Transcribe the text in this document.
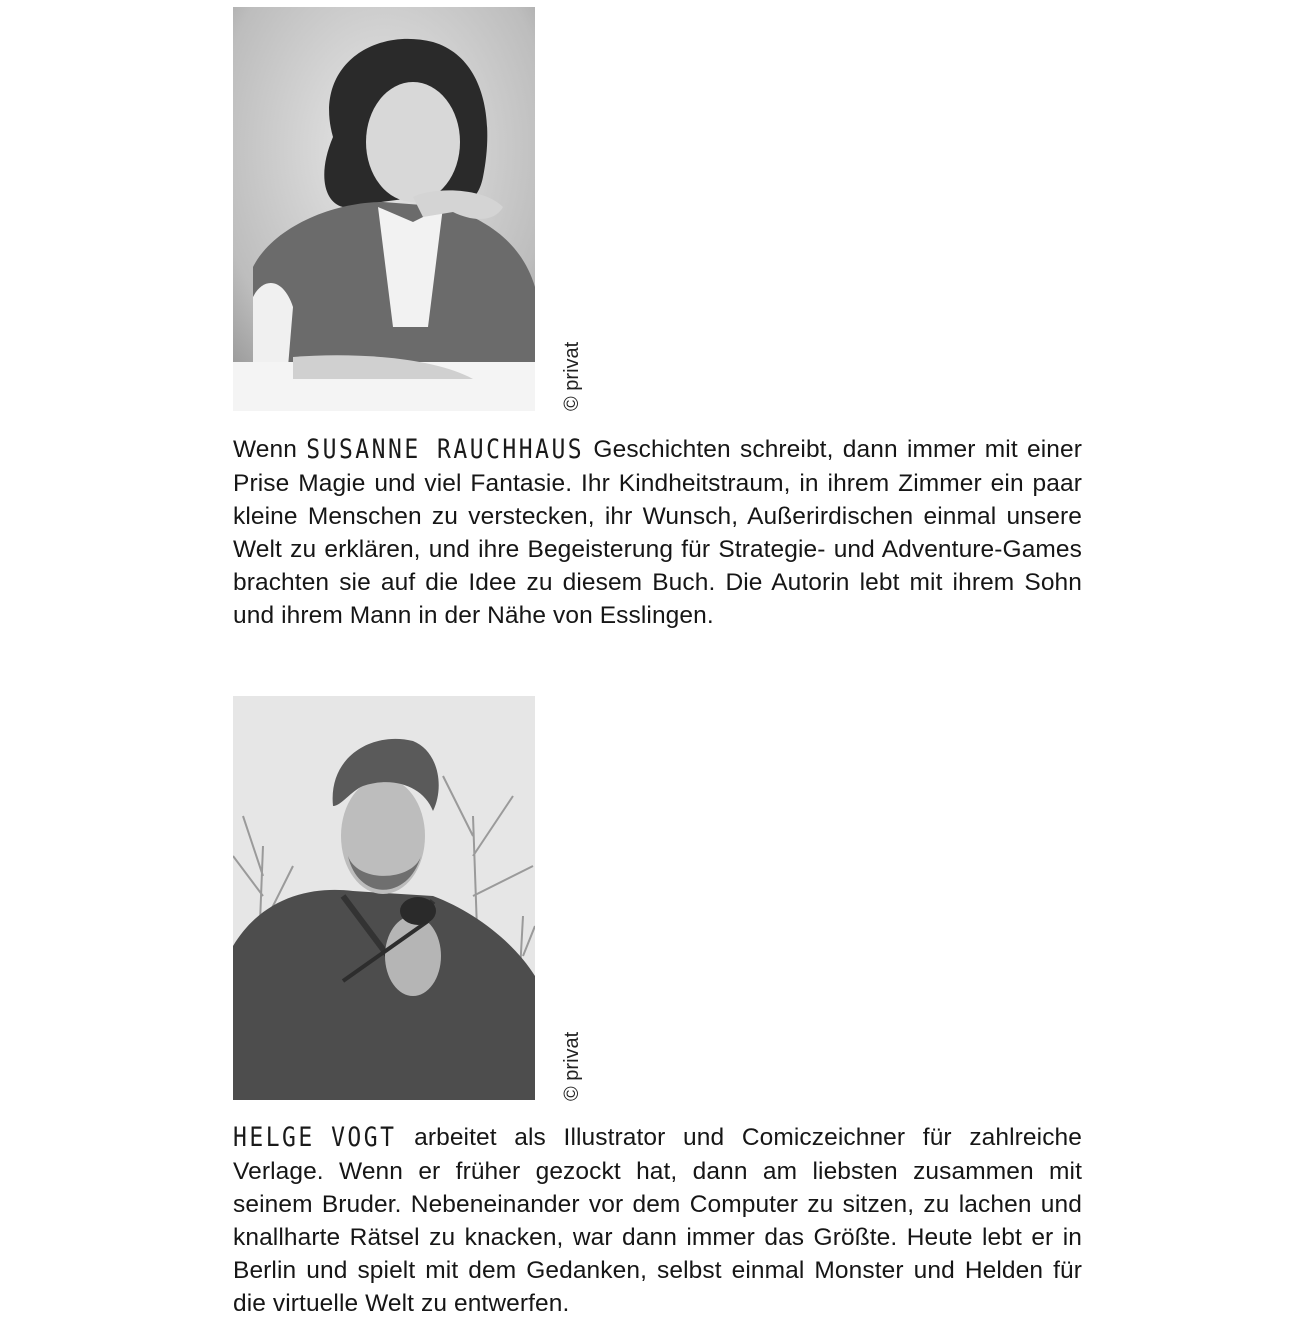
© privat

Wenn SUSANNE RAUCHHAUS Geschichten schreibt, dann immer mit einer Prise Magie und viel Fantasie. Ihr Kindheitstraum, in ihrem Zimmer ein paar kleine Menschen zu verstecken, ihr Wunsch, Außerirdischen einmal unsere Welt zu erklären, und ihre Begeisterung für Strategie- und Adventure-Games brachten sie auf die Idee zu diesem Buch. Die Autorin lebt mit ihrem Sohn und ihrem Mann in der Nähe von Esslingen.

© privat

HELGE VOGT arbeitet als Illustrator und Comiczeichner für zahlreiche Verlage. Wenn er früher gezockt hat, dann am liebsten zusammen mit seinem Bruder. Nebeneinander vor dem Computer zu sitzen, zu lachen und knallharte Rätsel zu knacken, war dann immer das Größte. Heute lebt er in Berlin und spielt mit dem Gedanken, selbst einmal Monster und Helden für die virtuelle Welt zu entwerfen.
